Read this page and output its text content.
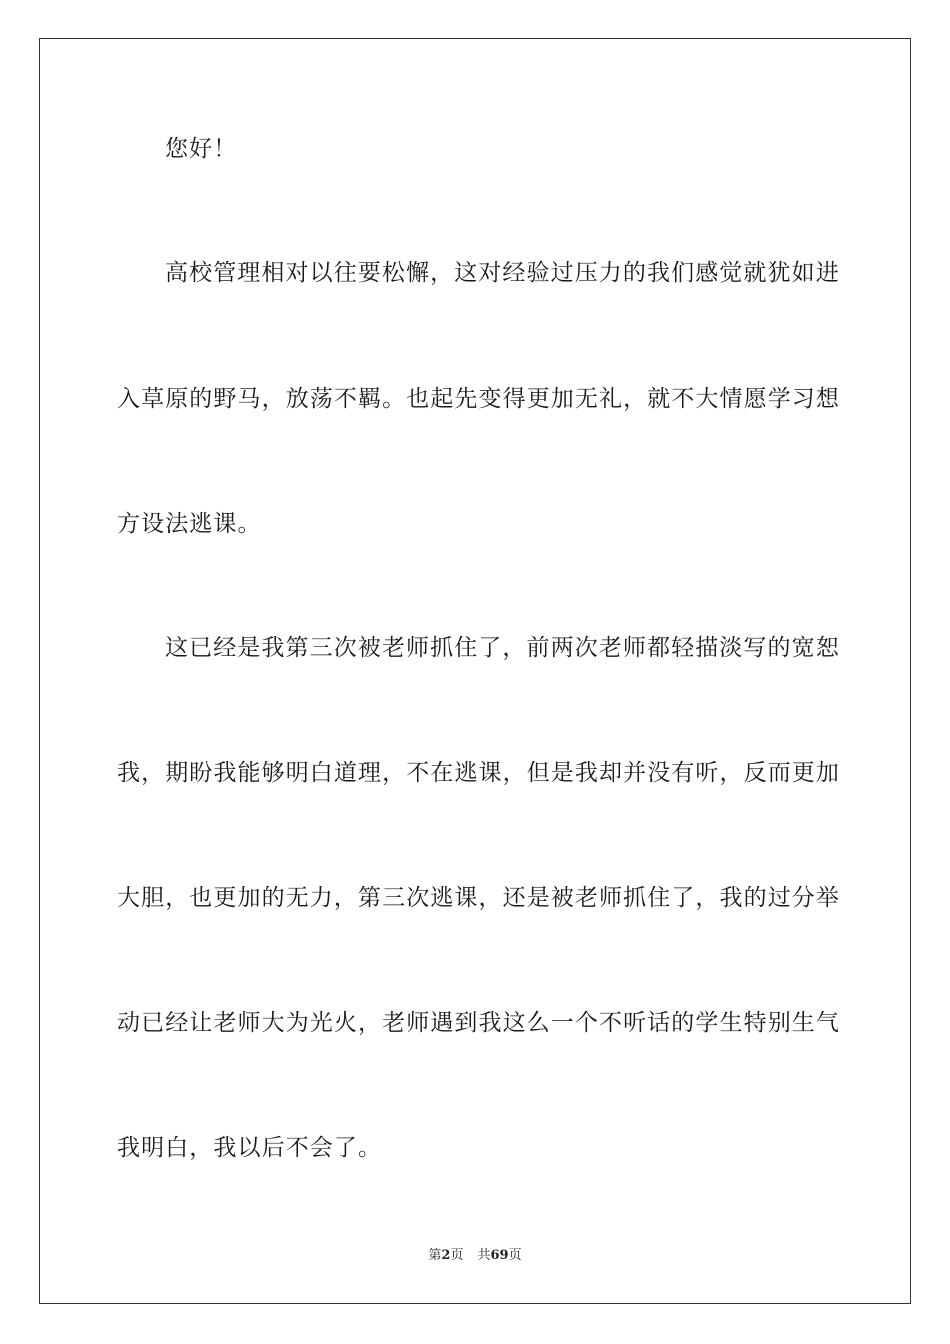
您好！
高校管理相对以往要松懈，这对经验过压力的我们感觉就犹如进
入草原的野马，放荡不羁。也起先变得更加无礼，就不大情愿学习想
方设法逃课。
这已经是我第三次被老师抓住了，前两次老师都轻描淡写的宽恕
我，期盼我能够明白道理，不在逃课，但是我却并没有听，反而更加
大胆，也更加的无力，第三次逃课，还是被老师抓住了，我的过分举
动已经让老师大为光火，老师遇到我这么一个不听话的学生特别生气
我明白，我以后不会了。
第2页 共69页
